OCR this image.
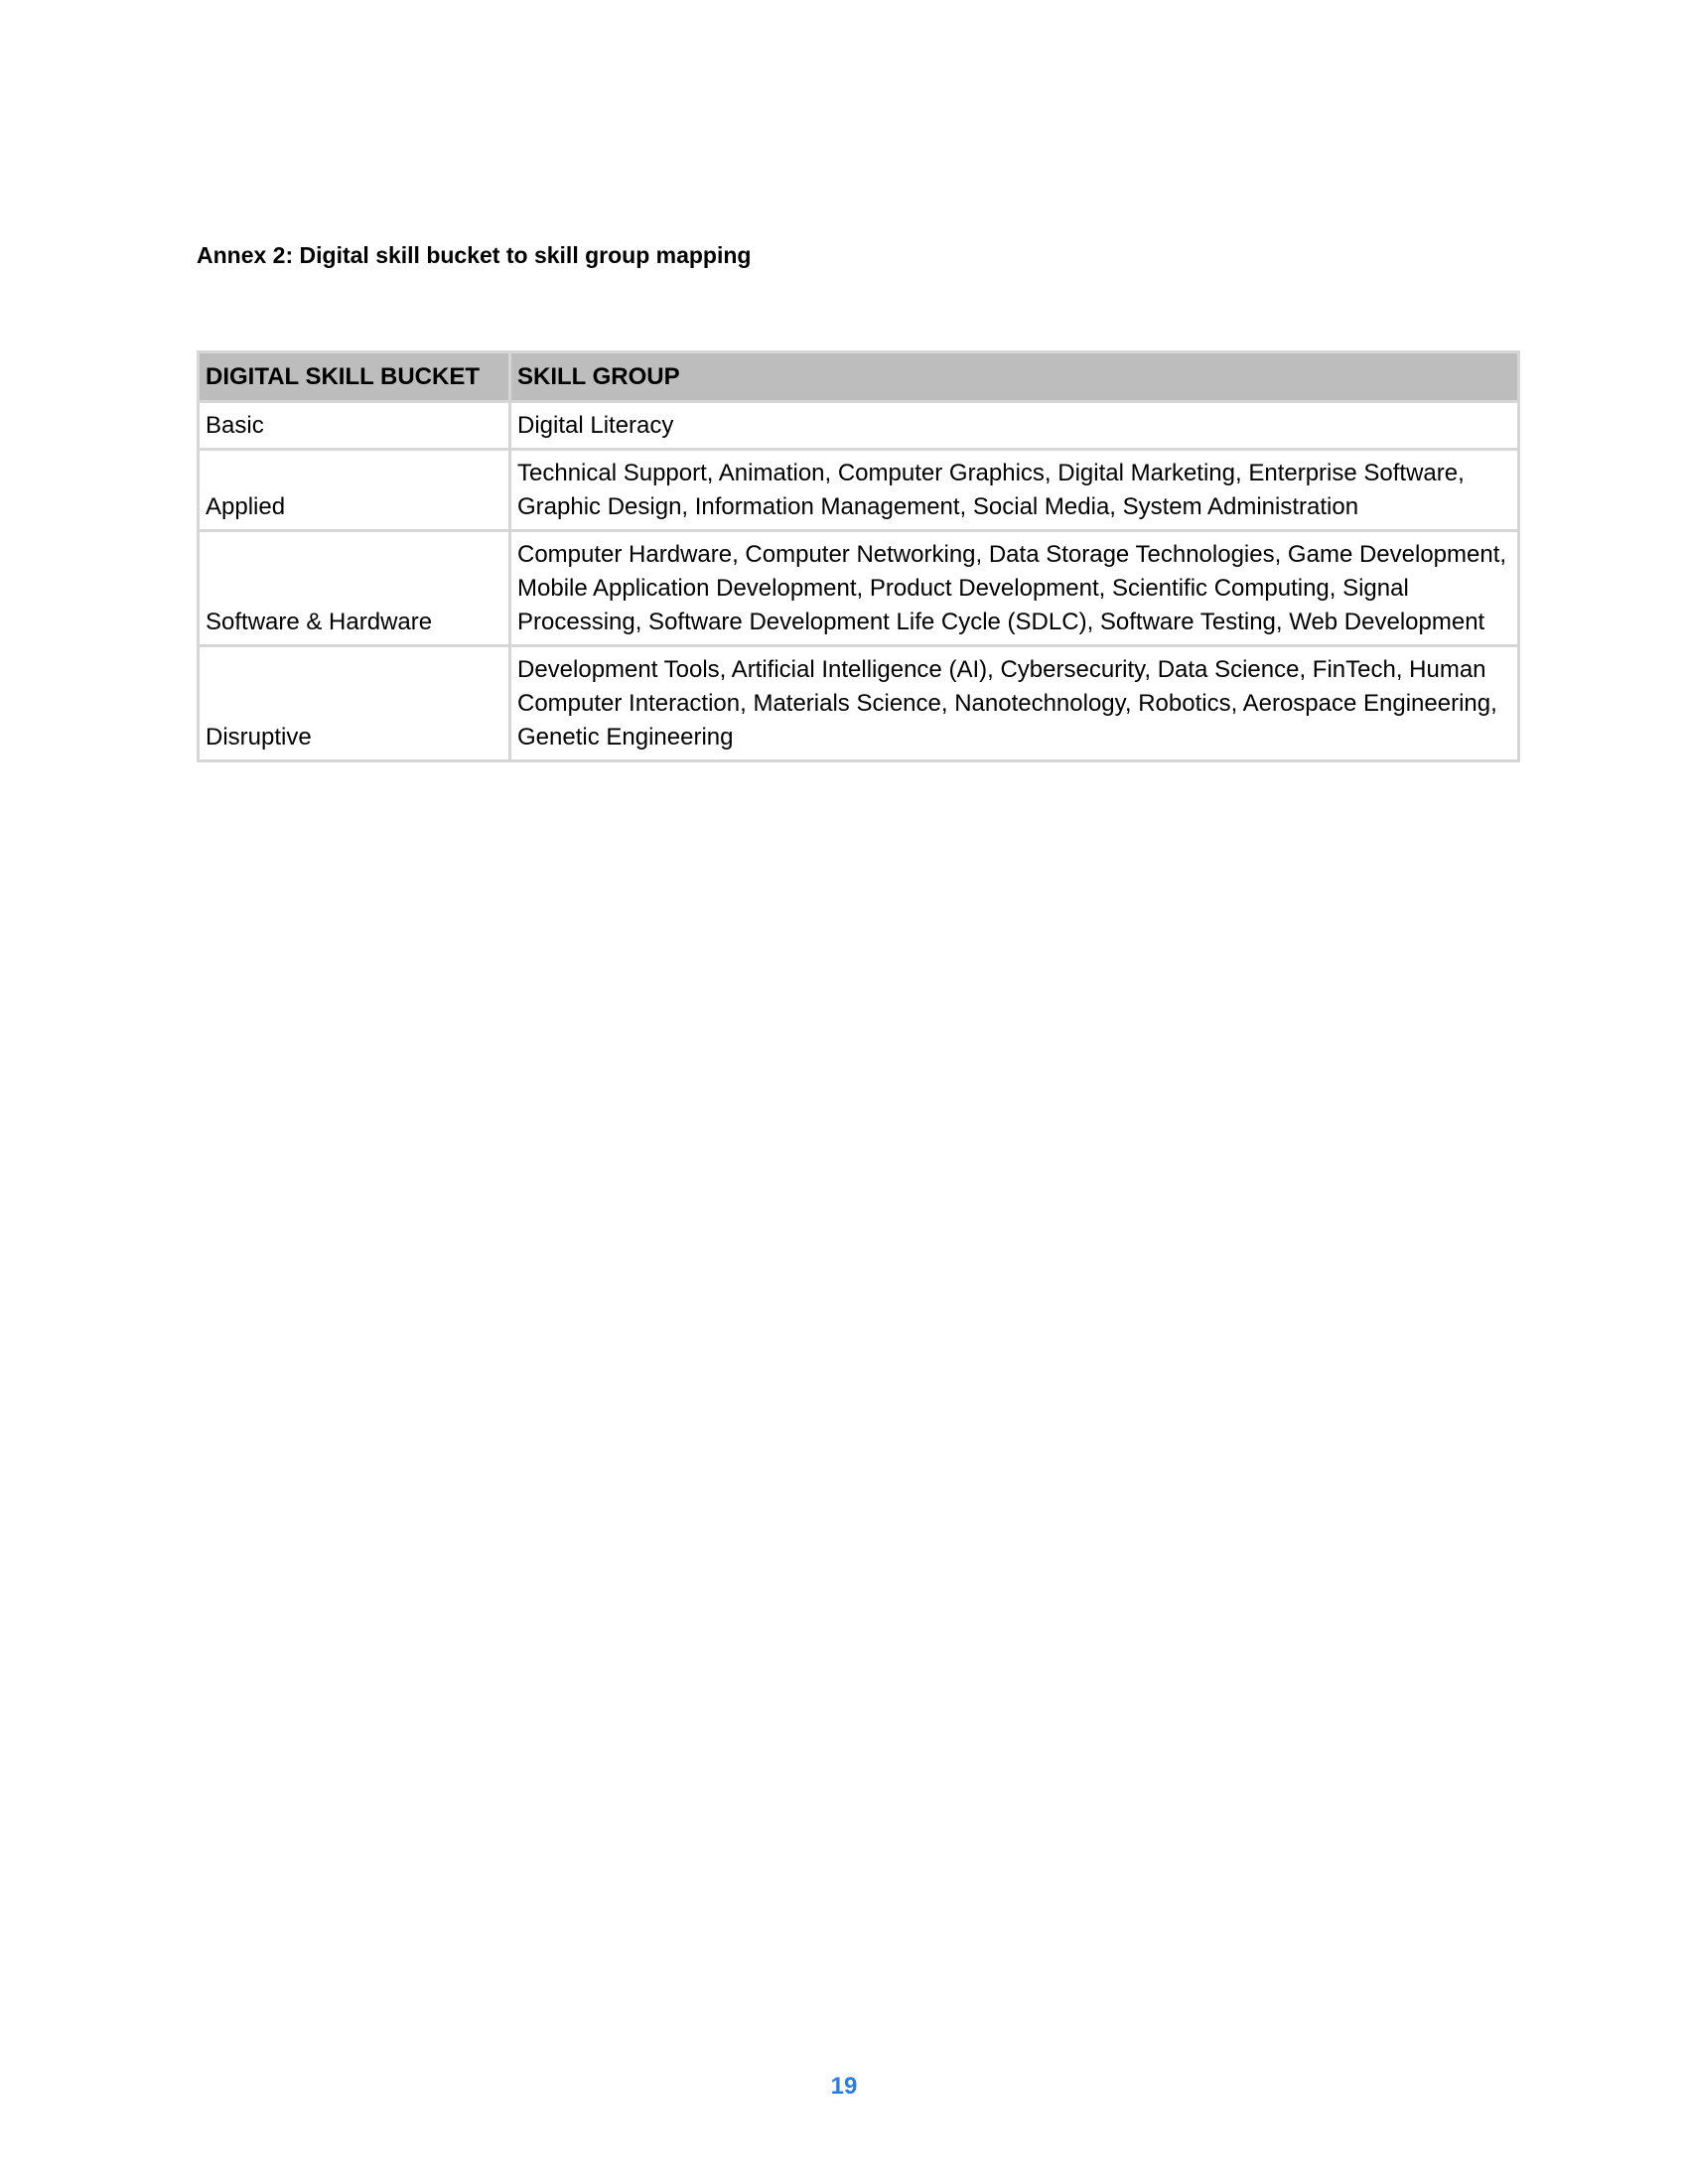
Annex 2: Digital skill bucket to skill group mapping
DIGITAL SKILL BUCKET	SKILL GROUP
Basic	Digital Literacy
Applied	Technical Support, Animation, Computer Graphics, Digital Marketing, Enterprise Software, Graphic Design, Information Management, Social Media, System Administration
Software & Hardware	Computer Hardware, Computer Networking, Data Storage Technologies, Game Development, Mobile Application Development, Product Development, Scientific Computing, Signal Processing, Software Development Life Cycle (SDLC), Software Testing, Web Development
Disruptive	Development Tools, Artificial Intelligence (AI), Cybersecurity, Data Science, FinTech, Human Computer Interaction, Materials Science, Nanotechnology, Robotics, Aerospace Engineering, Genetic Engineering
19
